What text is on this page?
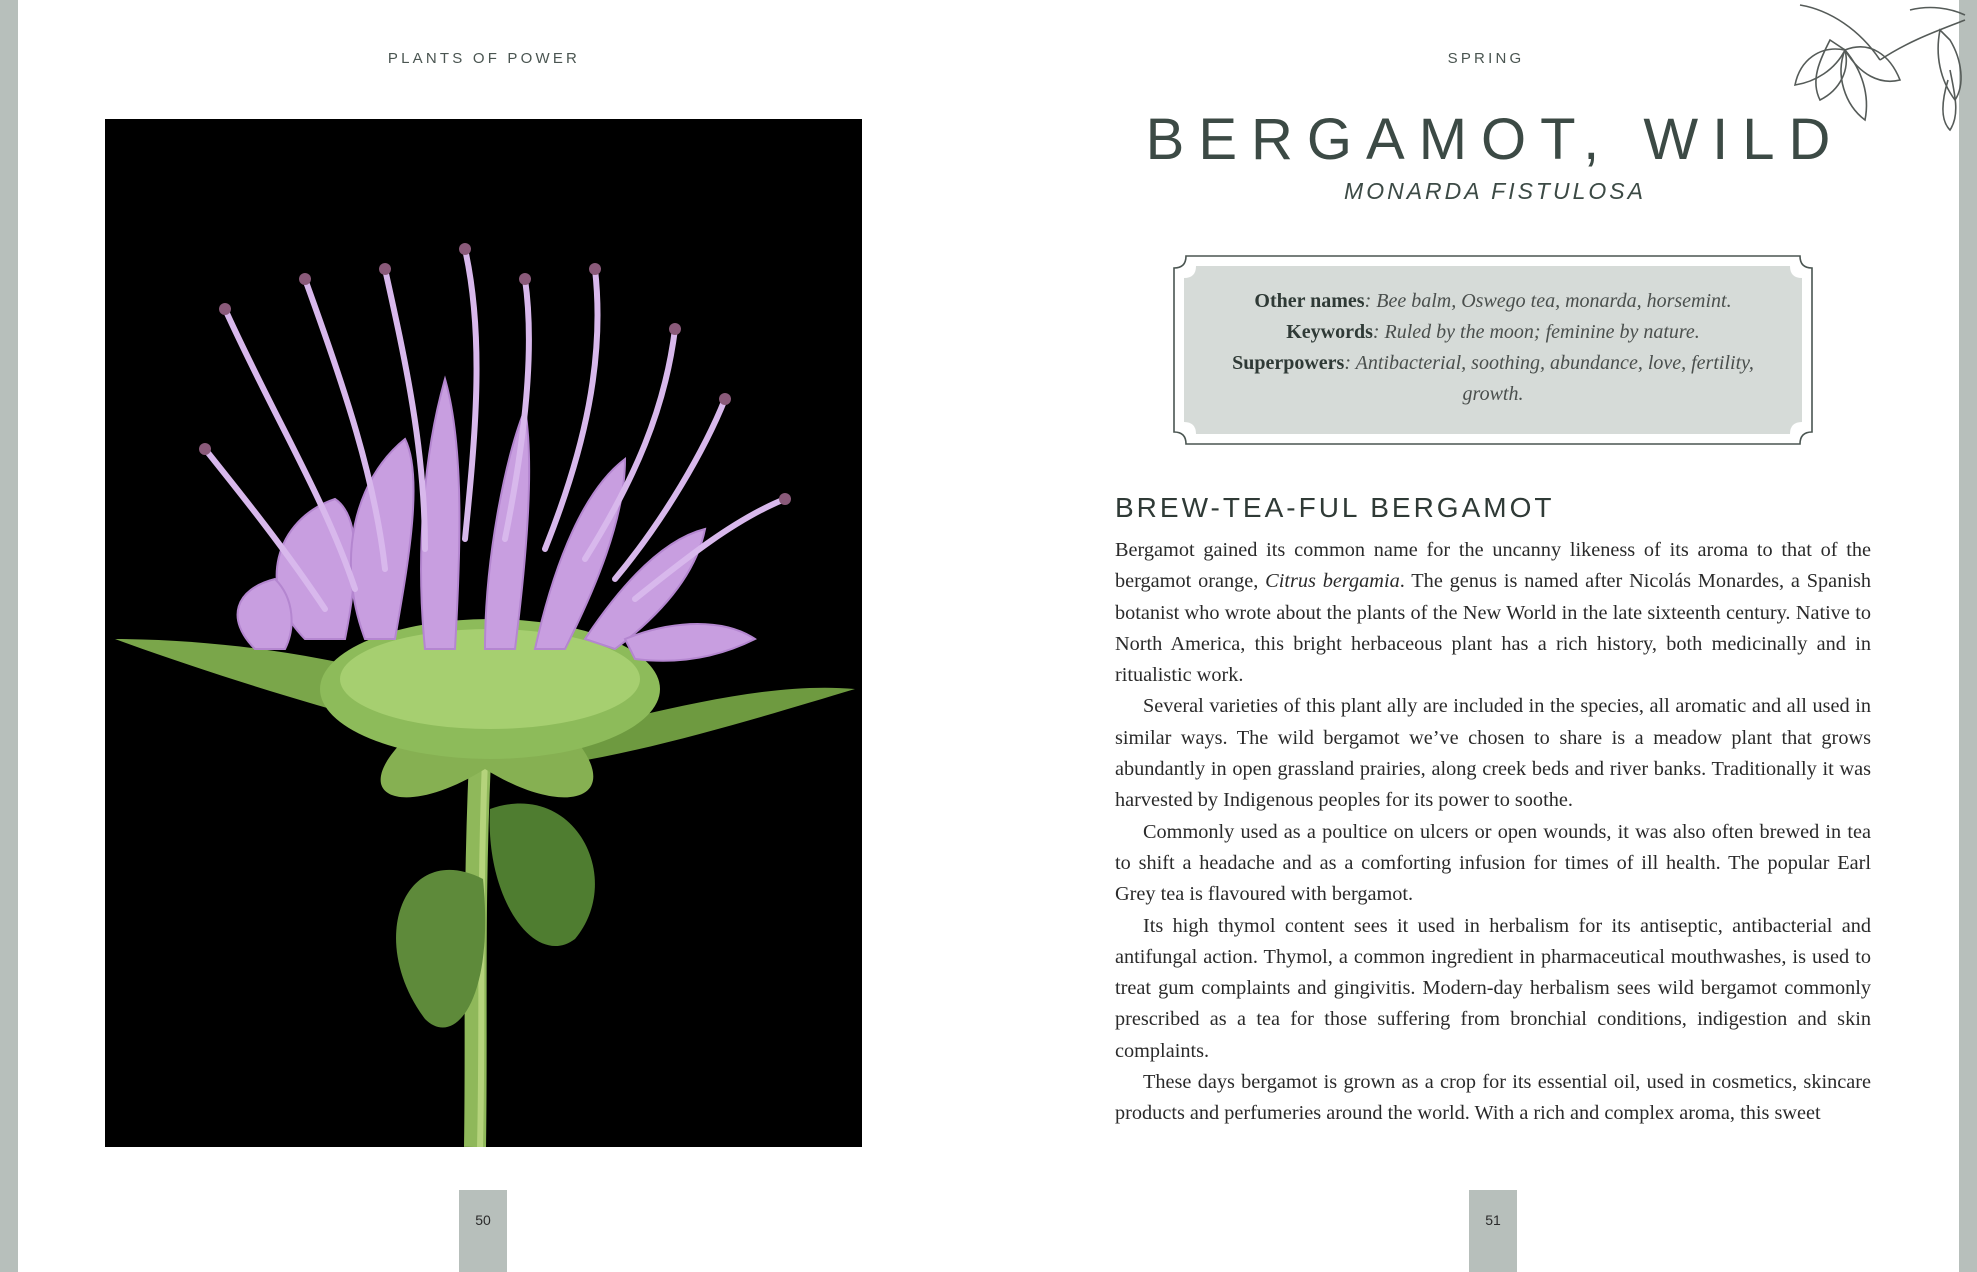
PLANTS OF POWER
50
SPRING
BERGAMOT, WILD
MONARDA FISTULOSA
Other names: Bee balm, Oswego tea, monarda, horsemint.
Keywords: Ruled by the moon; feminine by nature.
Superpowers: Antibacterial, soothing, abundance, love, fertility, growth.
BREW-TEA-FUL BERGAMOT

Bergamot gained its common name for the uncanny likeness of its aroma to that of the bergamot orange, Citrus bergamia. The genus is named after Nicolás Monardes, a Spanish botanist who wrote about the plants of the New World in the late sixteenth century. Native to North America, this bright herbaceous plant has a rich history, both medicinally and in ritualistic work.

Several varieties of this plant ally are included in the species, all aromatic and all used in similar ways. The wild bergamot we’ve chosen to share is a meadow plant that grows abundantly in open grassland prairies, along creek beds and river banks. Traditionally it was harvested by Indigenous peoples for its power to soothe.

Commonly used as a poultice on ulcers or open wounds, it was also often brewed in tea to shift a headache and as a comforting infusion for times of ill health. The popular Earl Grey tea is flavoured with bergamot.

Its high thymol content sees it used in herbalism for its antiseptic, antibacterial and antifungal action. Thymol, a common ingredient in pharmaceutical mouthwashes, is used to treat gum complaints and gingivitis. Modern-day herbalism sees wild bergamot commonly prescribed as a tea for those suffering from bronchial conditions, indigestion and skin complaints.

These days bergamot is grown as a crop for its essential oil, used in cosmetics, skincare products and perfumeries around the world. With a rich and complex aroma, this sweet

51
